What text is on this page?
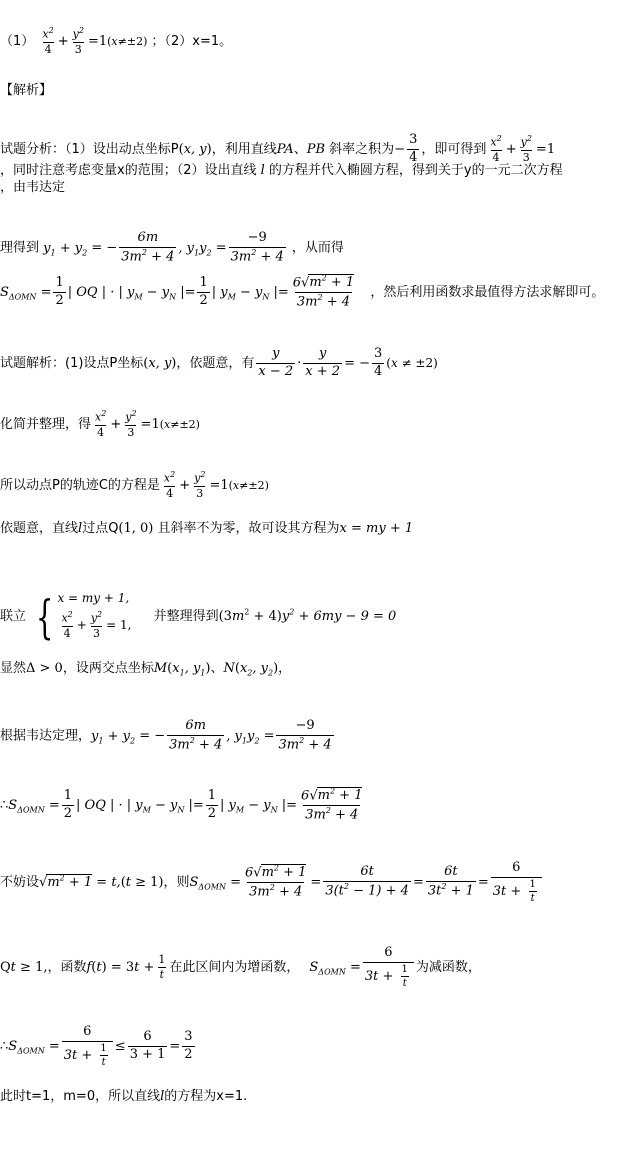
$(1) \frac{x^2}{4} + \frac{y^2}{3} =1(x\ne\pm 2)$ ；（2）x=1。
【解析】
试题分析：（1）设出动点坐标P(x, y)，利用直线PA、PB 斜率之积为− $\frac{3}{4}$ ，即可得到 $\frac{x^2}{4} + \frac{y^2}{3} =1$
，同时注意考虑变量x的范围；（2）设出直线 l 的方程并代入椭圆方程，得到关于y的一元二次方程
，由韦达定
理得到 $y_1 + y_2$ = − $\frac{6m}{3m^2 + 4}$ , $y_1y_2 = \frac{-9}{3m^2 + 4}$ ，从而得
$S_{\Delta OMN} = \frac{1}{2}$ | OQ | · | $y_M - y_N$ |= $\frac{1}{2}$ | $y_M - y_N$ |= $\frac{6√m^2 + 1}{3m^2 + 4}$ ，然后利用函数求最值得方法求解即可。
试题解析：(1)设点P坐标(x, y)，依题意，有 $\frac{y}{x - 2} \cdot \frac{y}{x + 2}$ = − $\frac{3}{4} (x \ne \pm 2)$
化简并整理，得 $\frac{x^2}{4} + \frac{y^2}{3} =1(x\ne\pm 2)$
所以动点P的轨迹C的方程是 $\frac{x^2}{4} + \frac{y^2}{3} =1(x\ne\pm 2)$
依题意，直线l过点Q(1, 0) 且斜率不为零，故可设其方程为x = my + 1
联立 { x = my + 1,
$\frac{x^2}{4} + \frac{y^2}{3} = 1$,
并整理得到$(3m^2 + 4)y^2 + 6my - 9 = 0$
显然Δ > 0，设两交点坐标$M(x_1$, $y_1$)、$N(x_2$, $y_2$)，
根据韦达定理，$y_1 + y_2$ = − $\frac{6m}{3m^2 + 4}$ , $y_1y_2 = \frac{-9}{3m^2 + 4}$
$\therefore S_{\Delta OMN} = \frac{1}{2}$ | OQ | · | $y_M - y_N$ |= $\frac{1}{2}$ | $y_M - y_N$ |= $\frac{6√m^2 + 1}{3m^2 + 4}$
不妨设$√m^2 + 1 = t,(t \ge 1)$，则$S_{\Delta OMN} = \frac{6√m^2 + 1}{3m^2 + 4} = \frac{6t}{3(t^2 - 1) + 4} = \frac{6t}{3t^2 + 1} = \frac{6}{3t + \frac{1}{t}}$
Qt ≥ 1,，函数$f(t) = 3t + \frac{1}{t}$ 在此区间内为增函数， $S_{\Delta OMN} = \frac{6}{3t + \frac{1}{t}}$ 为减函数，
$\therefore S_{\Delta OMN} = \frac{6}{3t + \frac{1}{t}} \le \frac{6}{3 + 1} = \frac{3}{2}$
此时t=1，m=0，所以直线l的方程为x=1.
